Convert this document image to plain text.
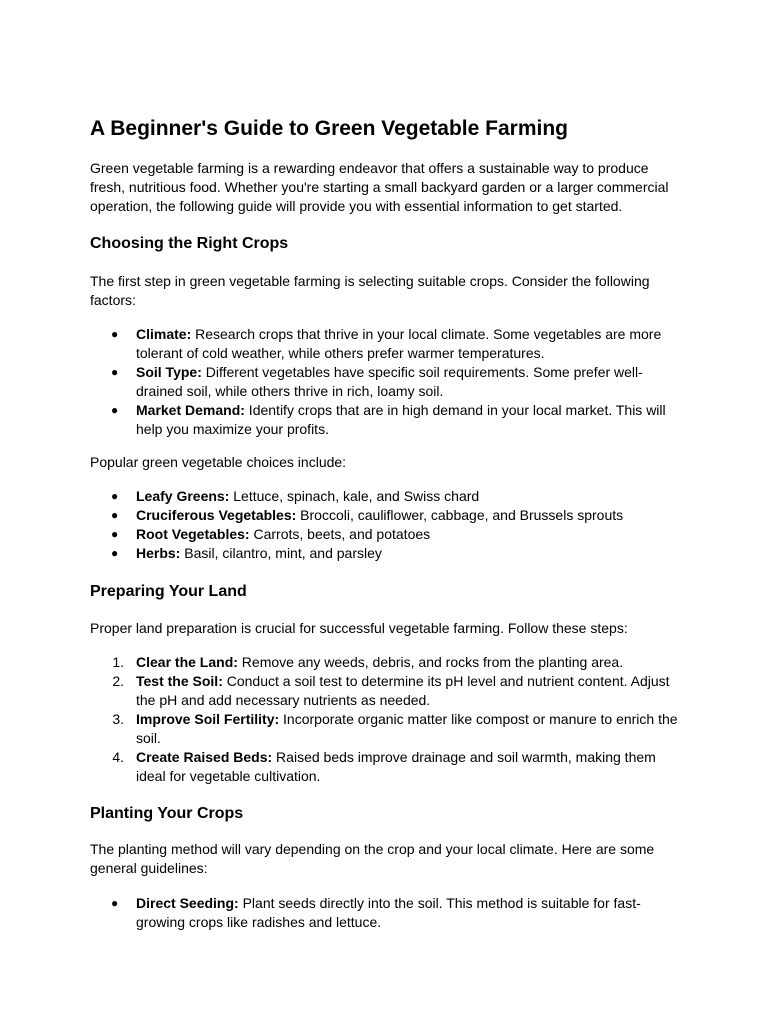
A Beginner's Guide to Green Vegetable Farming

Green vegetable farming is a rewarding endeavor that offers a sustainable way to produce fresh, nutritious food. Whether you're starting a small backyard garden or a larger commercial operation, the following guide will provide you with essential information to get started.

Choosing the Right Crops

The first step in green vegetable farming is selecting suitable crops. Consider the following factors:

● Climate: Research crops that thrive in your local climate. Some vegetables are more tolerant of cold weather, while others prefer warmer temperatures.
● Soil Type: Different vegetables have specific soil requirements. Some prefer well-drained soil, while others thrive in rich, loamy soil.
● Market Demand: Identify crops that are in high demand in your local market. This will help you maximize your profits.

Popular green vegetable choices include:

● Leafy Greens: Lettuce, spinach, kale, and Swiss chard
● Cruciferous Vegetables: Broccoli, cauliflower, cabbage, and Brussels sprouts
● Root Vegetables: Carrots, beets, and potatoes
● Herbs: Basil, cilantro, mint, and parsley
Preparing Your Land

Proper land preparation is crucial for successful vegetable farming. Follow these steps:

1. Clear the Land: Remove any weeds, debris, and rocks from the planting area.
2. Test the Soil: Conduct a soil test to determine its pH level and nutrient content. Adjust the pH and add necessary nutrients as needed.
3. Improve Soil Fertility: Incorporate organic matter like compost or manure to enrich the soil.
4. Create Raised Beds: Raised beds improve drainage and soil warmth, making them ideal for vegetable cultivation.
Planting Your Crops

The planting method will vary depending on the crop and your local climate. Here are some general guidelines:

● Direct Seeding: Plant seeds directly into the soil. This method is suitable for fast-growing crops like radishes and lettuce.
